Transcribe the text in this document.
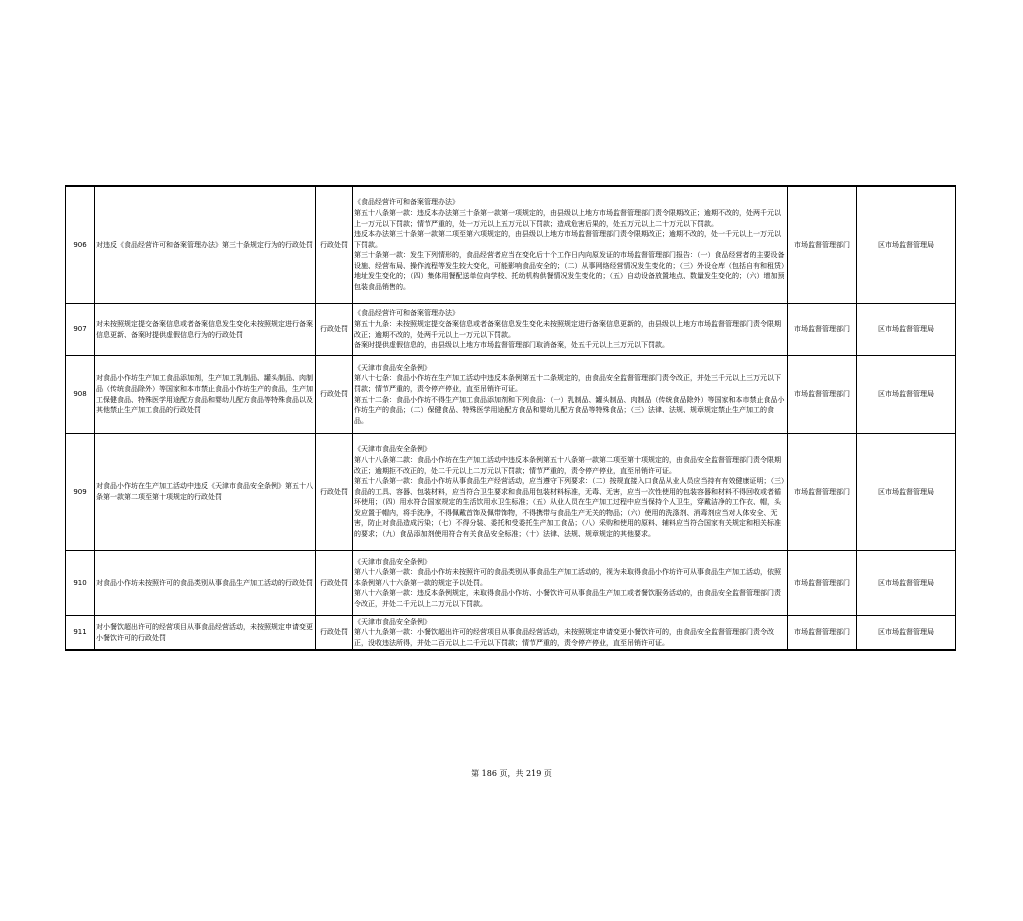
906	对违反《食品经营许可和备案管理办法》第三十条规定行为的行政处罚	行政处罚	《食品经营许可和备案管理办法》
第五十八条第一款：违反本办法第三十条第一款第一项规定的，由县级以上地方市场监督管理部门责令限期改正；逾期不改的，处两千元以上一万元以下罚款；情节严重的，处一万元以上五万元以下罚款；造成危害后果的，处五万元以上二十万元以下罚款。
违反本办法第三十条第一款第二项至第六项规定的，由县级以上地方市场监督管理部门责令限期改正；逾期不改的，处一千元以上一万元以下罚款。
第三十条第一款：发生下列情形的，食品经营者应当在变化后十个工作日内向原发证的市场监督管理部门报告：（一）食品经营者的主要设备设施、经营布局、操作流程等发生较大变化，可能影响食品安全的；（二）从事网络经营情况发生变化的；（三）外设仓库（包括自有和租赁）地址发生变化的；（四）集体用餐配送单位向学校、托幼机构供餐情况发生变化的；（五）自动设备放置地点、数量发生变化的；（六）增加预包装食品销售的。	市场监督管理部门	区市场监督管理局
907	对未按照规定提交备案信息或者备案信息发生变化未按照规定进行备案信息更新、备案时提供虚假信息行为的行政处罚	行政处罚	《食品经营许可和备案管理办法》
第五十九条：未按照规定提交备案信息或者备案信息发生变化未按照规定进行备案信息更新的，由县级以上地方市场监督管理部门责令限期改正；逾期不改的，处两千元以上一万元以下罚款。
备案时提供虚假信息的，由县级以上地方市场监督管理部门取消备案，处五千元以上三万元以下罚款。	市场监督管理部门	区市场监督管理局
908	对食品小作坊生产加工食品添加剂，生产加工乳制品、罐头制品、肉制品（传统食品除外）等国家和本市禁止食品小作坊生产的食品，生产加工保健食品、特殊医学用途配方食品和婴幼儿配方食品等特殊食品以及其他禁止生产加工食品的行政处罚	行政处罚	《天津市食品安全条例》
第八十七条：食品小作坊在生产加工活动中违反本条例第五十二条规定的，由食品安全监督管理部门责令改正，并处三千元以上三万元以下罚款；情节严重的，责令停产停业，直至吊销许可证。
第五十二条：食品小作坊不得生产加工食品添加剂和下列食品：（一）乳制品、罐头制品、肉制品（传统食品除外）等国家和本市禁止食品小作坊生产的食品；（二）保健食品、特殊医学用途配方食品和婴幼儿配方食品等特殊食品；（三）法律、法规、规章规定禁止生产加工的食品。	市场监督管理部门	区市场监督管理局
909	对食品小作坊在生产加工活动中违反《天津市食品安全条例》第五十八条第一款第二项至第十项规定的行政处罚	行政处罚	《天津市食品安全条例》
第八十八条第二款：食品小作坊在生产加工活动中违反本条例第五十八条第一款第二项至第十项规定的，由食品安全监督管理部门责令限期改正；逾期拒不改正的，处二千元以上二万元以下罚款；情节严重的，责令停产停业，直至吊销许可证。
第五十八条第一款：食品小作坊从事食品生产经营活动，应当遵守下列要求：（二）按规直接入口食品从业人员应当持有有效健康证明；（三）食品的工具、容器、包装材料，应当符合卫生要求和食品用包装材料标准，无毒、无害，应当一次性使用的包装容器和材料不得回收或者循环使用；（四）用水符合国家规定的生活饮用水卫生标准；（五）从业人员在生产加工过程中应当保持个人卫生，穿戴洁净的工作衣、帽，头发应置于帽内，将手洗净，不得佩戴首饰及佩带饰物，不得携带与食品生产无关的物品；（六）使用的洗涤剂、消毒剂应当对人体安全、无害，防止对食品造成污染；（七）不得分装、委托和受委托生产加工食品；（八）采购和使用的原料、辅料应当符合国家有关规定和相关标准的要求；（九）食品添加剂使用符合有关食品安全标准；（十）法律、法规、规章规定的其他要求。	市场监督管理部门	区市场监督管理局
910	对食品小作坊未按照许可的食品类别从事食品生产加工活动的行政处罚	行政处罚	《天津市食品安全条例》
第八十八条第一款：食品小作坊未按照许可的食品类别从事食品生产加工活动的，视为未取得食品小作坊许可从事食品生产加工活动，依照本条例第八十六条第一款的规定予以处罚。
第八十六条第一款：违反本条例规定，未取得食品小作坊、小餐饮许可从事食品生产加工或者餐饮服务活动的，由食品安全监督管理部门责令改正，并处二千元以上二万元以下罚款。	市场监督管理部门	区市场监督管理局
911	对小餐饮超出许可的经营项目从事食品经营活动，未按照规定申请变更小餐饮许可的行政处罚	行政处罚	《天津市食品安全条例》
第八十九条第一款：小餐饮超出许可的经营项目从事食品经营活动，未按照规定申请变更小餐饮许可的，由食品安全监督管理部门责令改正，没收违法所得，并处二百元以上二千元以下罚款；情节严重的，责令停产停业，直至吊销许可证。	市场监督管理部门	区市场监督管理局
第 186 页，共 219 页
